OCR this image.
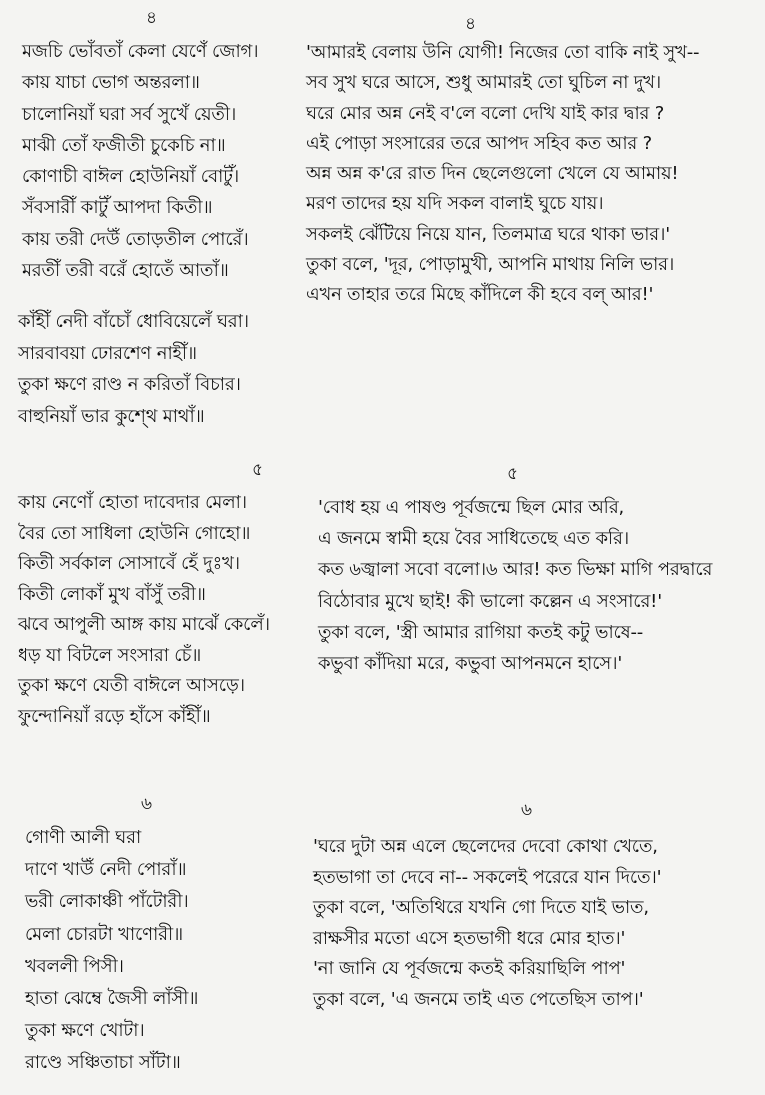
৪	৪
মজচি ভোঁবতাঁ কেলা যেণেঁ জোগ।
কায় যাচা ভোগ অন্তরলা॥
চালোনিয়াঁ ঘরা সর্ব সুখেঁ য়েতী।
মাঝী তোঁ ফজীতী চুকেচি না॥
কোণাচী বাঈল হোউনিয়াঁ বোটুঁ।
সঁবসারীঁ কাটুঁ আপদা কিতী॥
কায় তরী দেউঁ তোড়তীল পোরেঁ।
মরতীঁ তরী বরেঁ হোতেঁ আতাঁ॥
কাঁহীঁ নেদী বাঁচোঁ ধোবিয়েলেঁ ঘরা।
সারবাবয়া ঢোরশেণ নাহীঁ॥
তুকা ক্ষণে রাণ্ড ন করিতাঁ বিচার।
বাহুনিয়াঁ ভার কুশ্থে মাথাঁ॥
'আমারই বেলায় উনি যোগী! নিজের তো বাকি নাই সুখ--
সব সুখ ঘরে আসে, শুধু আমারই তো ঘুচিল না দুখ।
ঘরে মোর অন্ন নেই ব'লে বলো দেখি যাই কার দ্বার ?
এই পোড়া সংসারের তরে আপদ সহিব কত আর ?
অন্ন অন্ন ক'রে রাত দিন ছেলেগুলো খেলে যে আমায়!
মরণ তাদের হয় যদি সকল বালাই ঘুচে যায়।
সকলই ঝেঁটিয়ে নিয়ে যান, তিলমাত্র ঘরে থাকা ভার।'
তুকা বলে, 'দূর, পোড়ামুখী, আপনি মাথায় নিলি ভার।
এখন তাহার তরে মিছে কাঁদিলে কী হবে বল্ আর!'
৫	৫
কায় নেণোঁ হোতা দাবেদার মেলা।
বৈর তো সাধিলা হোউনি গোহো॥
কিতী সর্বকাল সোসাবেঁ হেঁ দুঃখ।
কিতী লোকাঁ মুখ বাঁসুঁ তরী॥
ঝবে আপুলী আঙ্গ কায় মাঝেঁ কেলেঁ।
ধড় যা বিটলে সংসারা চেঁ॥
তুকা ক্ষণে যেতী বাঈলে আসড়ে।
ফুন্দোনিয়াঁ রড়ে হাঁসে কাঁহীঁ॥
'বোধ হয় এ পাষণ্ড পূর্বজন্মে ছিল মোর অরি,
এ জনমে স্বামী হয়ে বৈর সাধিতেছে এত করি।
কত ৬জ্বালা সবো বলো।৬ আর! কত ভিক্ষা মাগি পরদ্বারে
বিঠোবার মুখে ছাই! কী ভালো কল্লেন এ সংসারে!'
তুকা বলে, 'স্ত্রী আমার রাগিয়া কতই কটু ভাষে--
কভুবা কাঁদিয়া মরে, কভুবা আপনমনে হাসে।'
৬	৬
গোণী আলী ঘরা
দাণে খাউঁ নেদী পোরাঁ॥
ভরী লোকাঞ্চী পাঁটোরী।
মেলা চোরটা খাণোরী॥
খবললী পিসী।
হাতা ঝেম্বে জৈসী লাঁসী॥
তুকা ক্ষণে খোটা।
রাণ্ডে সঞ্চিতাচা সাঁটা॥
'ঘরে দুটা অন্ন এলে ছেলেদের দেবো কোথা খেতে,
হতভাগা তা দেবে না-- সকলেই পরেরে যান দিতে।'
তুকা বলে, 'অতিথিরে যখনি গো দিতে যাই ভাত,
রাক্ষসীর মতো এসে হতভাগী ধরে মোর হাত।'
'না জানি যে পূর্বজন্মে কতই করিয়াছিলি পাপ'
তুকা বলে, 'এ জনমে তাই এত পেতেছিস তাপ।'
